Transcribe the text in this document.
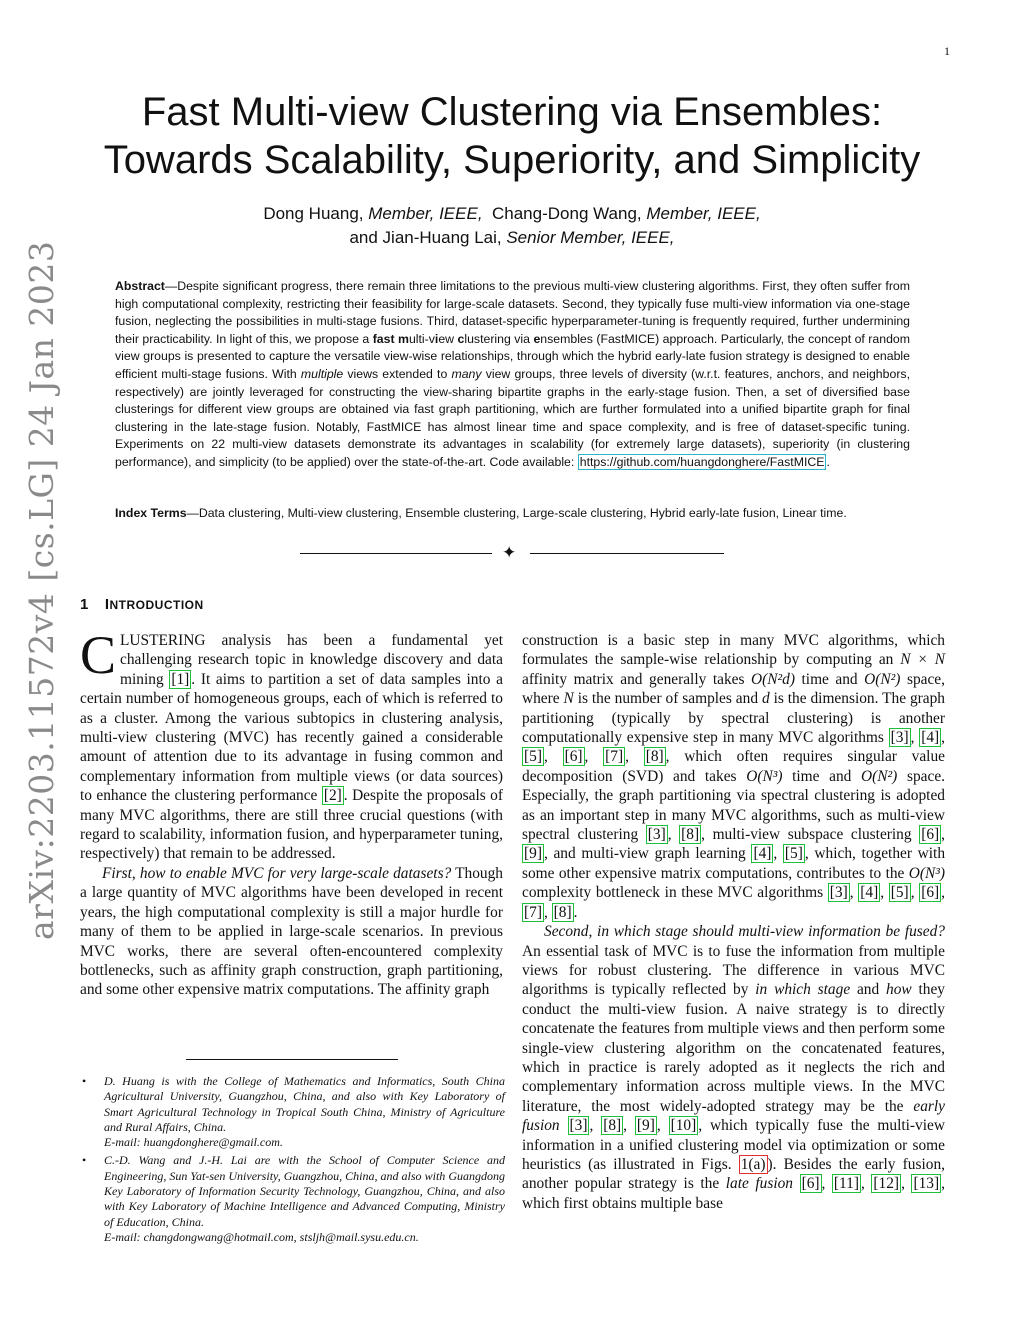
1
arXiv:2203.11572v4 [cs.LG] 24 Jan 2023
Fast Multi-view Clustering via Ensembles:
Towards Scalability, Superiority, and Simplicity
Dong Huang, Member, IEEE, Chang-Dong Wang, Member, IEEE,
and Jian-Huang Lai, Senior Member, IEEE,
Abstract—Despite significant progress, there remain three limitations to the previous multi-view clustering algorithms. First, they often suffer from high computational complexity, restricting their feasibility for large-scale datasets. Second, they typically fuse multi-view information via one-stage fusion, neglecting the possibilities in multi-stage fusions. Third, dataset-specific hyperparameter-tuning is frequently required, further undermining their practicability. In light of this, we propose a fast multi-view clustering via ensembles (FastMICE) approach. Particularly, the concept of random view groups is presented to capture the versatile view-wise relationships, through which the hybrid early-late fusion strategy is designed to enable efficient multi-stage fusions. With multiple views extended to many view groups, three levels of diversity (w.r.t. features, anchors, and neighbors, respectively) are jointly leveraged for constructing the view-sharing bipartite graphs in the early-stage fusion. Then, a set of diversified base clusterings for different view groups are obtained via fast graph partitioning, which are further formulated into a unified bipartite graph for final clustering in the late-stage fusion. Notably, FastMICE has almost linear time and space complexity, and is free of dataset-specific tuning. Experiments on 22 multi-view datasets demonstrate its advantages in scalability (for extremely large datasets), superiority (in clustering performance), and simplicity (to be applied) over the state-of-the-art. Code available: https://github.com/huangdonghere/FastMICE .
Index Terms—Data clustering, Multi-view clustering, Ensemble clustering, Large-scale clustering, Hybrid early-late fusion, Linear time.
✦
1 INTRODUCTION

CLUSTERING analysis has been a fundamental yet challenging research topic in knowledge discovery and data mining [1] . It aims to partition a set of data samples into a certain number of homogeneous groups, each of which is referred to as a cluster. Among the various subtopics in clustering analysis, multi-view clustering (MVC) has recently gained a considerable amount of attention due to its advantage in fusing common and complementary information from multiple views (or data sources) to enhance the clustering performance [2] . Despite the proposals of many MVC algorithms, there are still three crucial questions (with regard to scalability, information fusion, and hyperparameter tuning, respectively) that remain to be addressed.

First, how to enable MVC for very large-scale datasets? Though a large quantity of MVC algorithms have been developed in recent years, the high computational complexity is still a major hurdle for many of them to be applied in large-scale scenarios. In previous MVC works, there are several often-encountered complexity bottlenecks, such as affinity graph construction, graph partitioning, and some other expensive matrix computations. The affinity graph

construction is a basic step in many MVC algorithms, which formulates the sample-wise relationship by computing an N × N affinity matrix and generally takes O(N²d) time and O(N²) space, where N is the number of samples and d is the dimension. The graph partitioning (typically by spectral clustering) is another computationally expensive step in many MVC algorithms [3] , [4] , [5] , [6] , [7] , [8] , which often requires singular value decomposition (SVD) and takes O(N³) time and O(N²) space. Especially, the graph partitioning via spectral clustering is adopted as an important step in many MVC algorithms, such as multi-view spectral clustering [3] , [8] , multi-view subspace clustering [6] , [9] , and multi-view graph learning [4] , [5] , which, together with some other expensive matrix computations, contributes to the O(N³) complexity bottleneck in these MVC algorithms [3] , [4] , [5] , [6] , [7] , [8] .

Second, in which stage should multi-view information be fused? An essential task of MVC is to fuse the information from multiple views for robust clustering. The difference in various MVC algorithms is typically reflected by in which stage and how they conduct the multi-view fusion. A naive strategy is to directly concatenate the features from multiple views and then perform some single-view clustering algorithm on the concatenated features, which in practice is rarely adopted as it neglects the rich and complementary information across multiple views. In the MVC literature, the most widely-adopted strategy may be the early fusion [3] , [8] , [9] , [10] , which typically fuse the multi-view information in a unified clustering model via optimization or some heuristics (as illustrated in Figs. 1(a) ). Besides the early fusion, another popular strategy is the late fusion [6] , [11] , [12] , [13] , which first obtains multiple base

• D. Huang is with the College of Mathematics and Informatics, South China Agricultural University, Guangzhou, China, and also with Key Laboratory of Smart Agricultural Technology in Tropical South China, Ministry of Agriculture and Rural Affairs, China.
E-mail: huangdonghere@gmail.com.
• C.-D. Wang and J.-H. Lai are with the School of Computer Science and Engineering, Sun Yat-sen University, Guangzhou, China, and also with Guangdong Key Laboratory of Information Security Technology, Guangzhou, China, and also with Key Laboratory of Machine Intelligence and Advanced Computing, Ministry of Education, China.
E-mail: changdongwang@hotmail.com, stsljh@mail.sysu.edu.cn.
